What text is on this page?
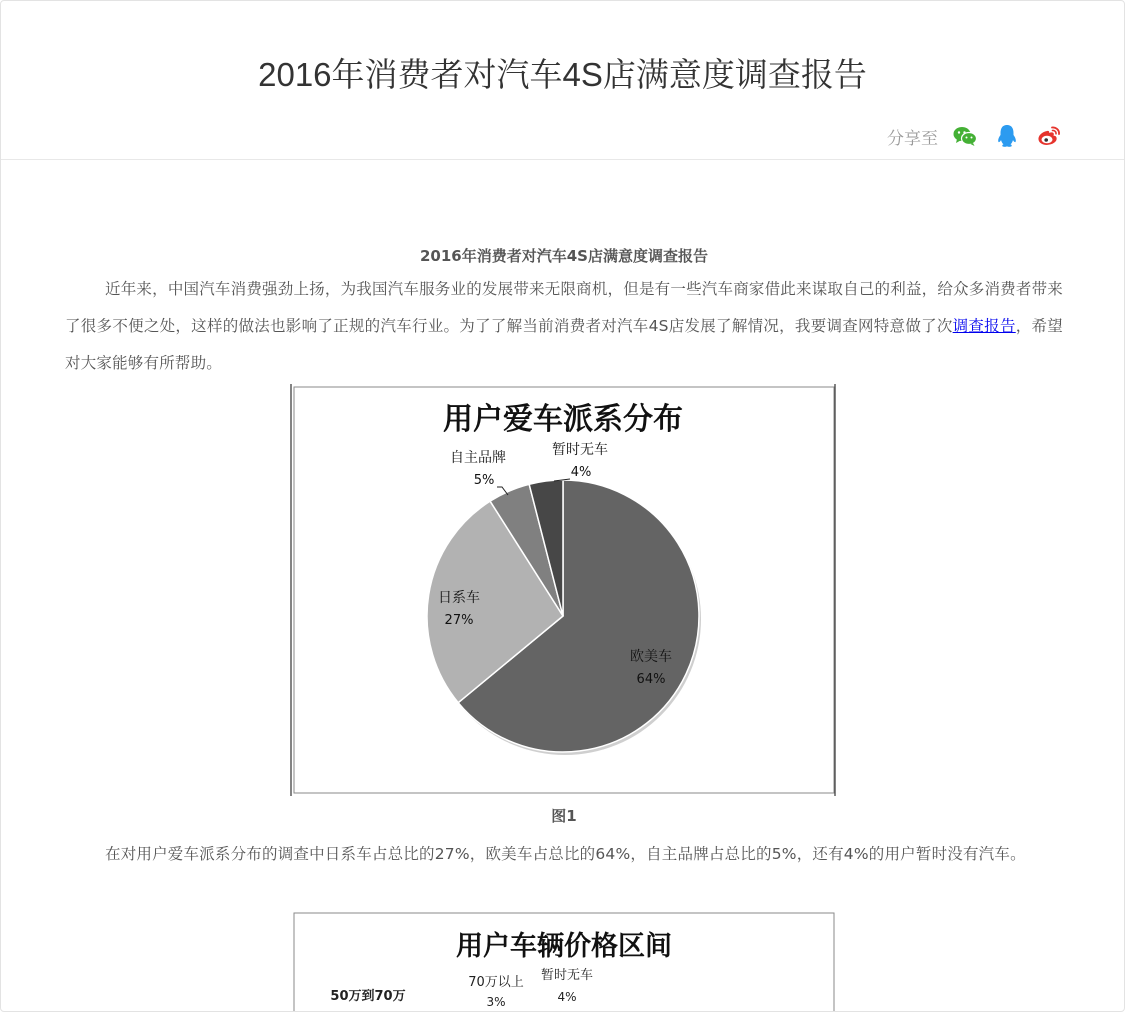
2016年消费者对汽车4S店满意度调查报告
分享至
2016年消费者对汽车4S店满意度调查报告

近年来，中国汽车消费强劲上扬，为我国汽车服务业的发展带来无限商机，但是有一些汽车商家借此来谋取自己的利益，给众多消费者带来了很多不便之处，这样的做法也影响了正规的汽车行业。为了了解当前消费者对汽车4S店发展了解情况，我要调查网特意做了次调查报告，希望对大家能够有所帮助。

用户爱车派系分布
欧美车
64%
日系车
27%
自主品牌
5%
暂时无车
4%
图1

在对用户爱车派系分布的调查中日系车占总比的27%，欧美车占总比的64%，自主品牌占总比的5%，还有4%的用户暂时没有汽车。

用户车辆价格区间
50万到70万
70万以上
3%
暂时无车
4%
